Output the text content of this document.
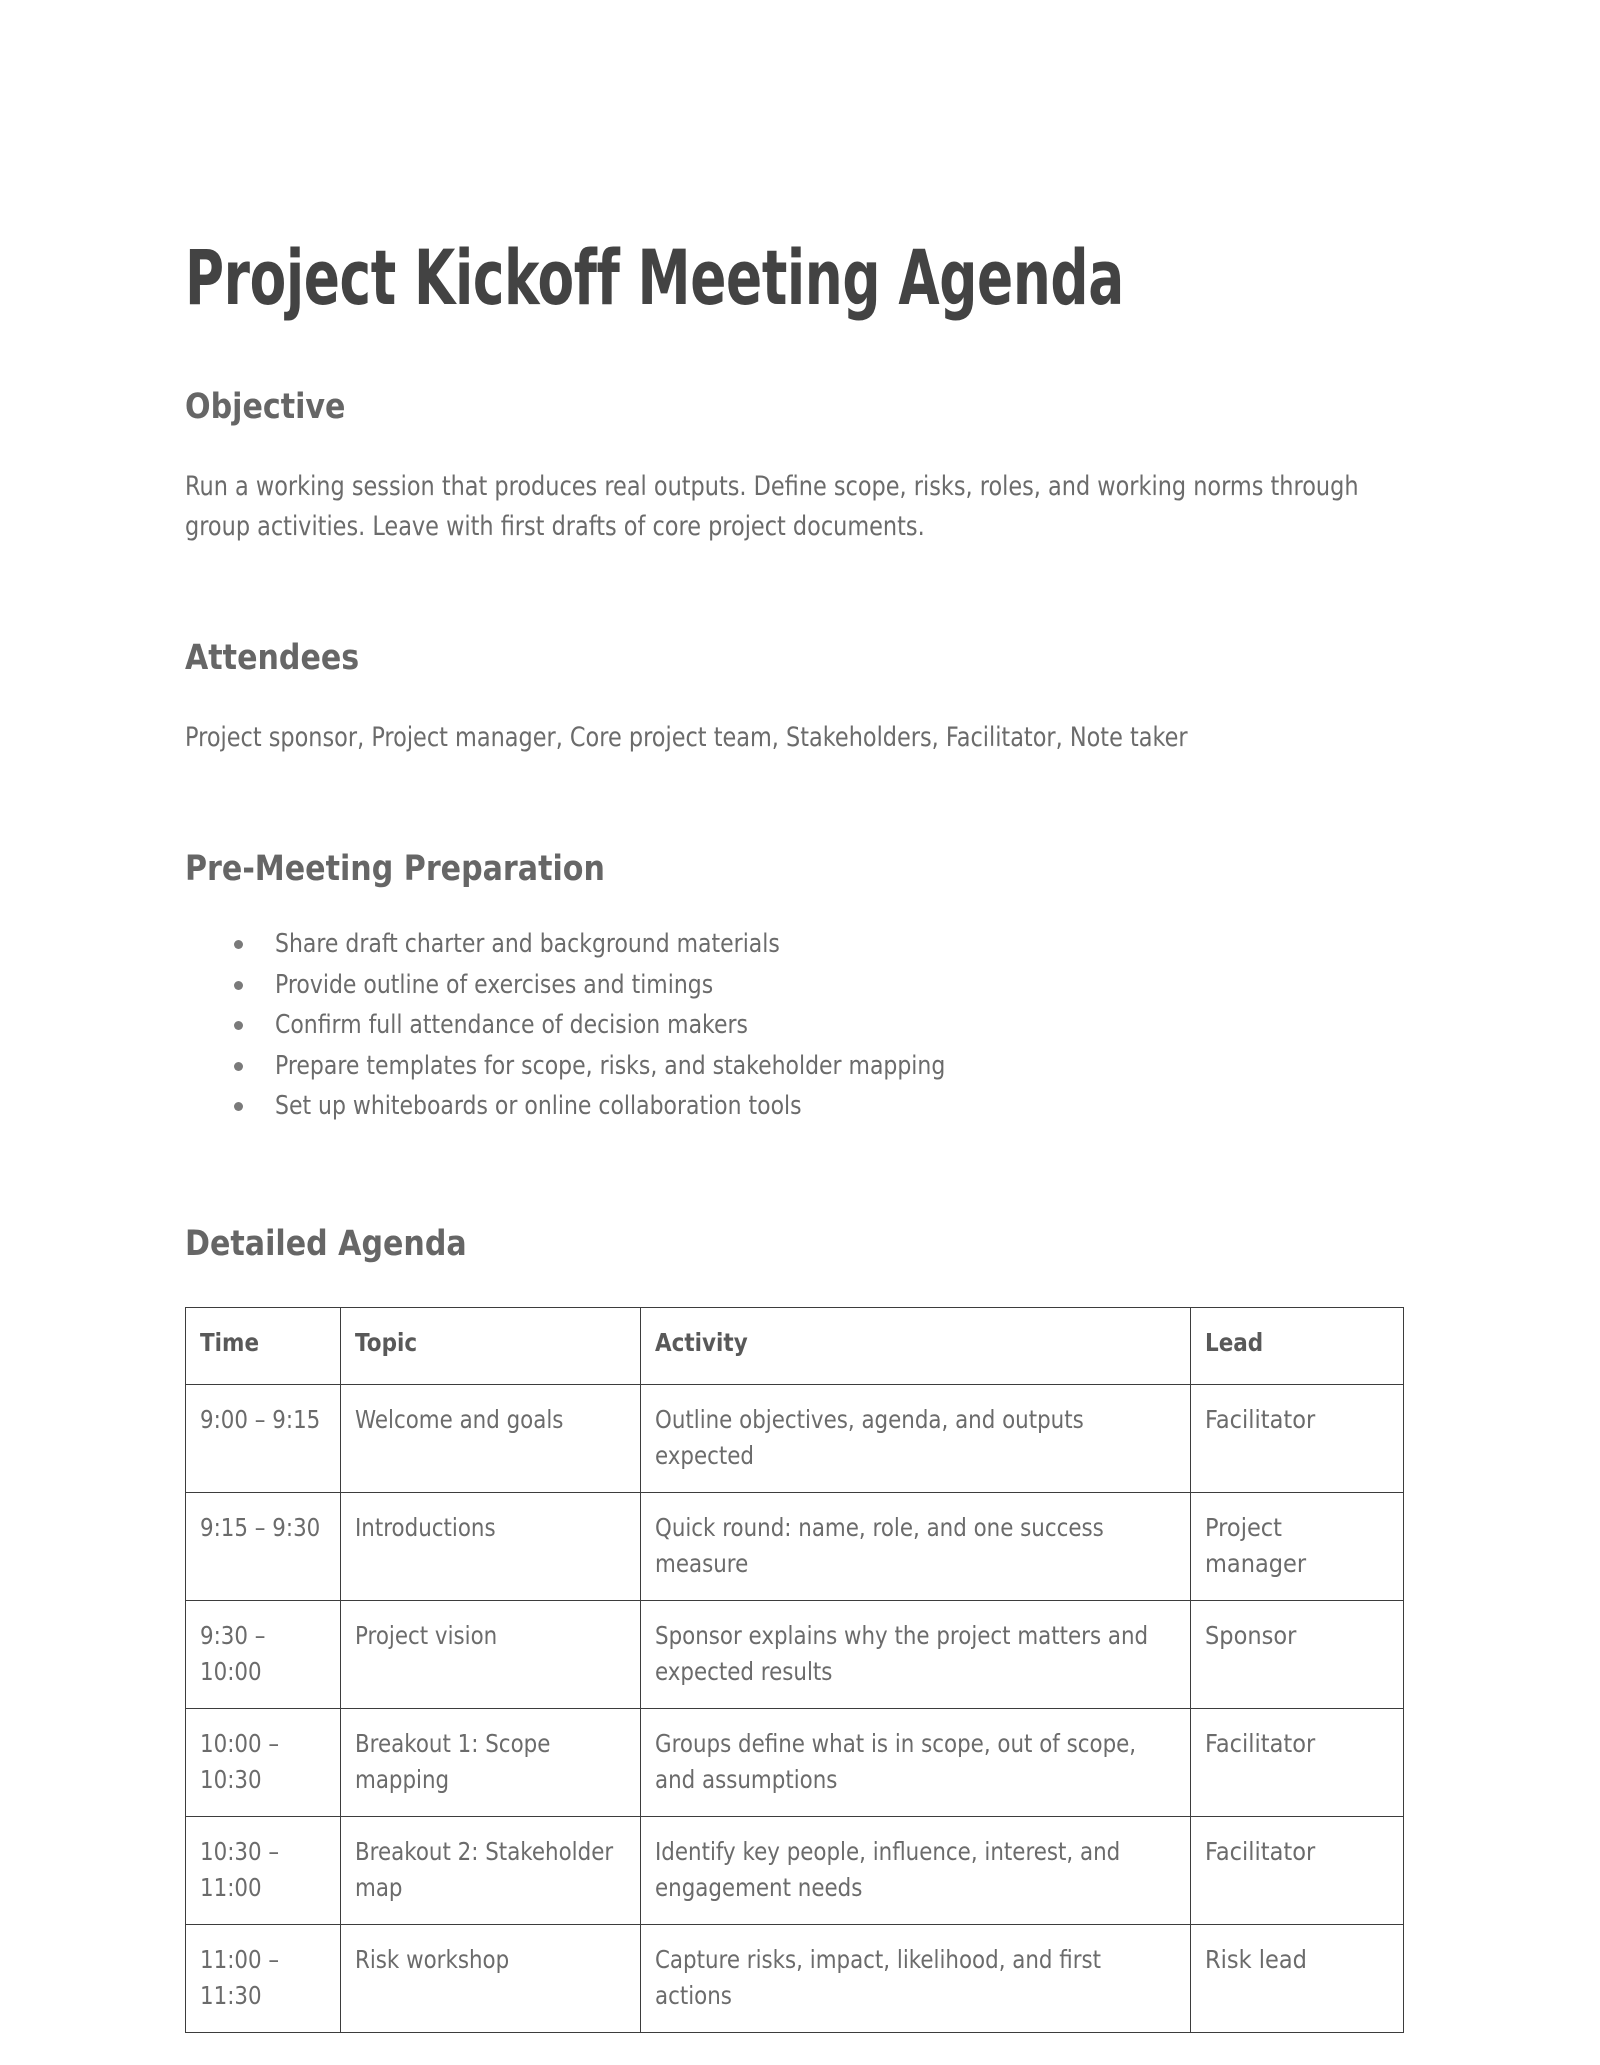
Project Kickoff Meeting Agenda
Objective

Run a working session that produces real outputs. Define scope, risks, roles, and working norms through group activities. Leave with first drafts of core project documents.

Attendees

Project sponsor, Project manager, Core project team, Stakeholders, Facilitator, Note taker

Pre-Meeting Preparation
Share draft charter and background materials
Provide outline of exercises and timings
Confirm full attendance of decision makers
Prepare templates for scope, risks, and stakeholder mapping
Set up whiteboards or online collaboration tools
Detailed Agenda
Time	Topic	Activity	Lead

9:00 – 9:15	Welcome and goals	Outline objectives, agenda, and outputs expected	Facilitator

9:15 – 9:30	Introductions	Quick round: name, role, and one success measure	Project manager

9:30 – 10:00	Project vision	Sponsor explains why the project matters and expected results	Sponsor

10:00 – 10:30	Breakout 1: Scope mapping	Groups define what is in scope, out of scope, and assumptions	Facilitator

10:30 – 11:00	Breakout 2: Stakeholder map	Identify key people, influence, interest, and engagement needs	Facilitator

11:00 – 11:30	Risk workshop	Capture risks, impact, likelihood, and first actions	Risk lead
